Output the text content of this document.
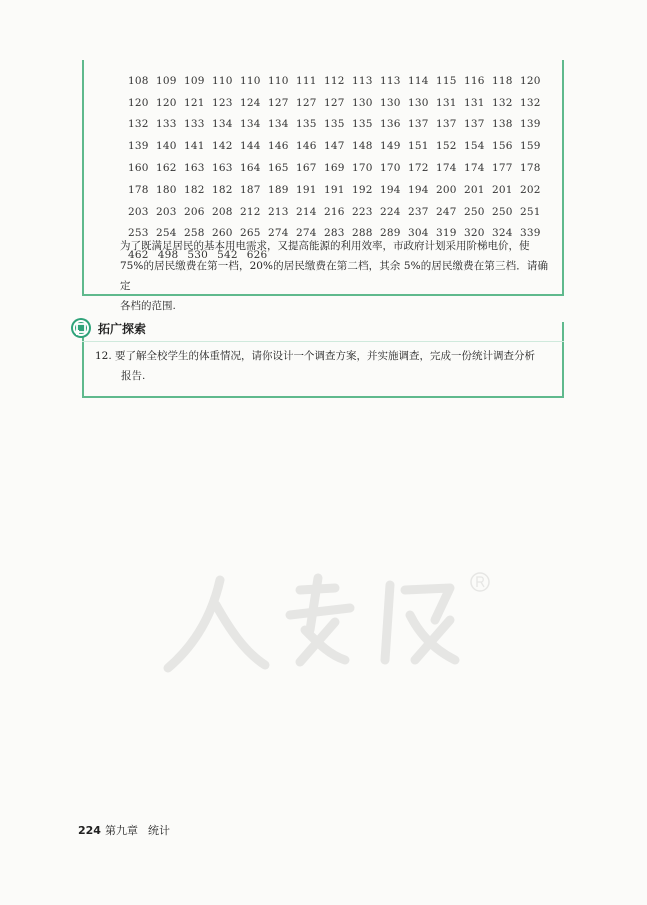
108 109 109 110 110 110 111 112 113 113 114 115 116 118 120
120 120 121 123 124 127 127 127 130 130 130 131 131 132 132
132 133 133 134 134 134 135 135 135 136 137 137 137 138 139
139 140 141 142 144 146 146 147 148 149 151 152 154 156 159
160 162 163 163 164 165 167 169 170 170 172 174 174 177 178
178 180 182 182 187 189 191 191 192 194 194 200 201 201 202
203 203 206 208 212 213 214 216 223 224 237 247 250 250 251
253 254 258 260 265 274 274 283 288 289 304 319 320 324 339
462 498 530 542 626
为了既满足居民的基本用电需求，又提高能源的利用效率，市政府计划采用阶梯电价，使
75%的居民缴费在第一档，20%的居民缴费在第二档，其余 5%的居民缴费在第三档．请确定
各档的范围.
拓广探索
12. 要了解全校学生的体重情况，请你设计一个调查方案，并实施调查，完成一份统计调查分析
报告.
224 第九章 统计
